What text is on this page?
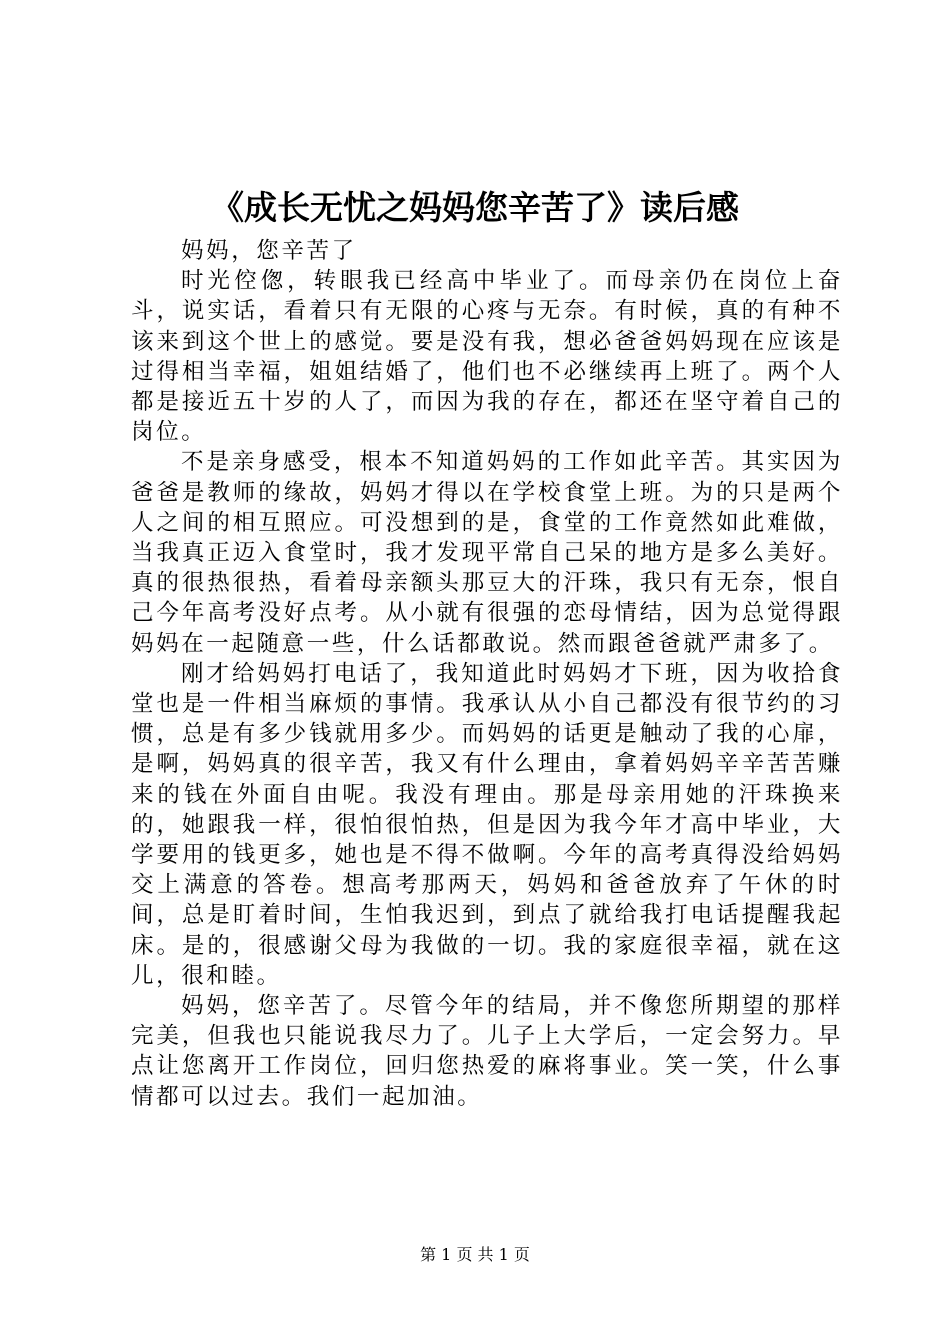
《成长无忧之妈妈您辛苦了》读后感

妈妈，您辛苦了

时光倥偬，转眼我已经高中毕业了。而母亲仍在岗位上奋斗，说实话，看着只有无限的心疼与无奈。有时候，真的有种不该来到这个世上的感觉。要是没有我，想必爸爸妈妈现在应该是过得相当幸福，姐姐结婚了，他们也不必继续再上班了。两个人都是接近五十岁的人了，而因为我的存在，都还在坚守着自己的岗位。

不是亲身感受，根本不知道妈妈的工作如此辛苦。其实因为爸爸是教师的缘故，妈妈才得以在学校食堂上班。为的只是两个人之间的相互照应。可没想到的是，食堂的工作竟然如此难做，当我真正迈入食堂时，我才发现平常自己呆的地方是多么美好。真的很热很热，看着母亲额头那豆大的汗珠，我只有无奈，恨自己今年高考没好点考。从小就有很强的恋母情结，因为总觉得跟妈妈在一起随意一些，什么话都敢说。然而跟爸爸就严肃多了。

刚才给妈妈打电话了，我知道此时妈妈才下班，因为收拾食堂也是一件相当麻烦的事情。我承认从小自己都没有很节约的习惯，总是有多少钱就用多少。而妈妈的话更是触动了我的心扉，是啊，妈妈真的很辛苦，我又有什么理由，拿着妈妈辛辛苦苦赚来的钱在外面自由呢。我没有理由。那是母亲用她的汗珠换来的，她跟我一样，很怕很怕热，但是因为我今年才高中毕业，大学要用的钱更多，她也是不得不做啊。今年的高考真得没给妈妈交上满意的答卷。想高考那两天，妈妈和爸爸放弃了午休的时间，总是盯着时间，生怕我迟到，到点了就给我打电话提醒我起床。是的，很感谢父母为我做的一切。我的家庭很幸福，就在这儿，很和睦。

妈妈，您辛苦了。尽管今年的结局，并不像您所期望的那样完美，但我也只能说我尽力了。儿子上大学后，一定会努力。早点让您离开工作岗位，回归您热爱的麻将事业。笑一笑，什么事情都可以过去。我们一起加油。

第 1 页 共 1 页
